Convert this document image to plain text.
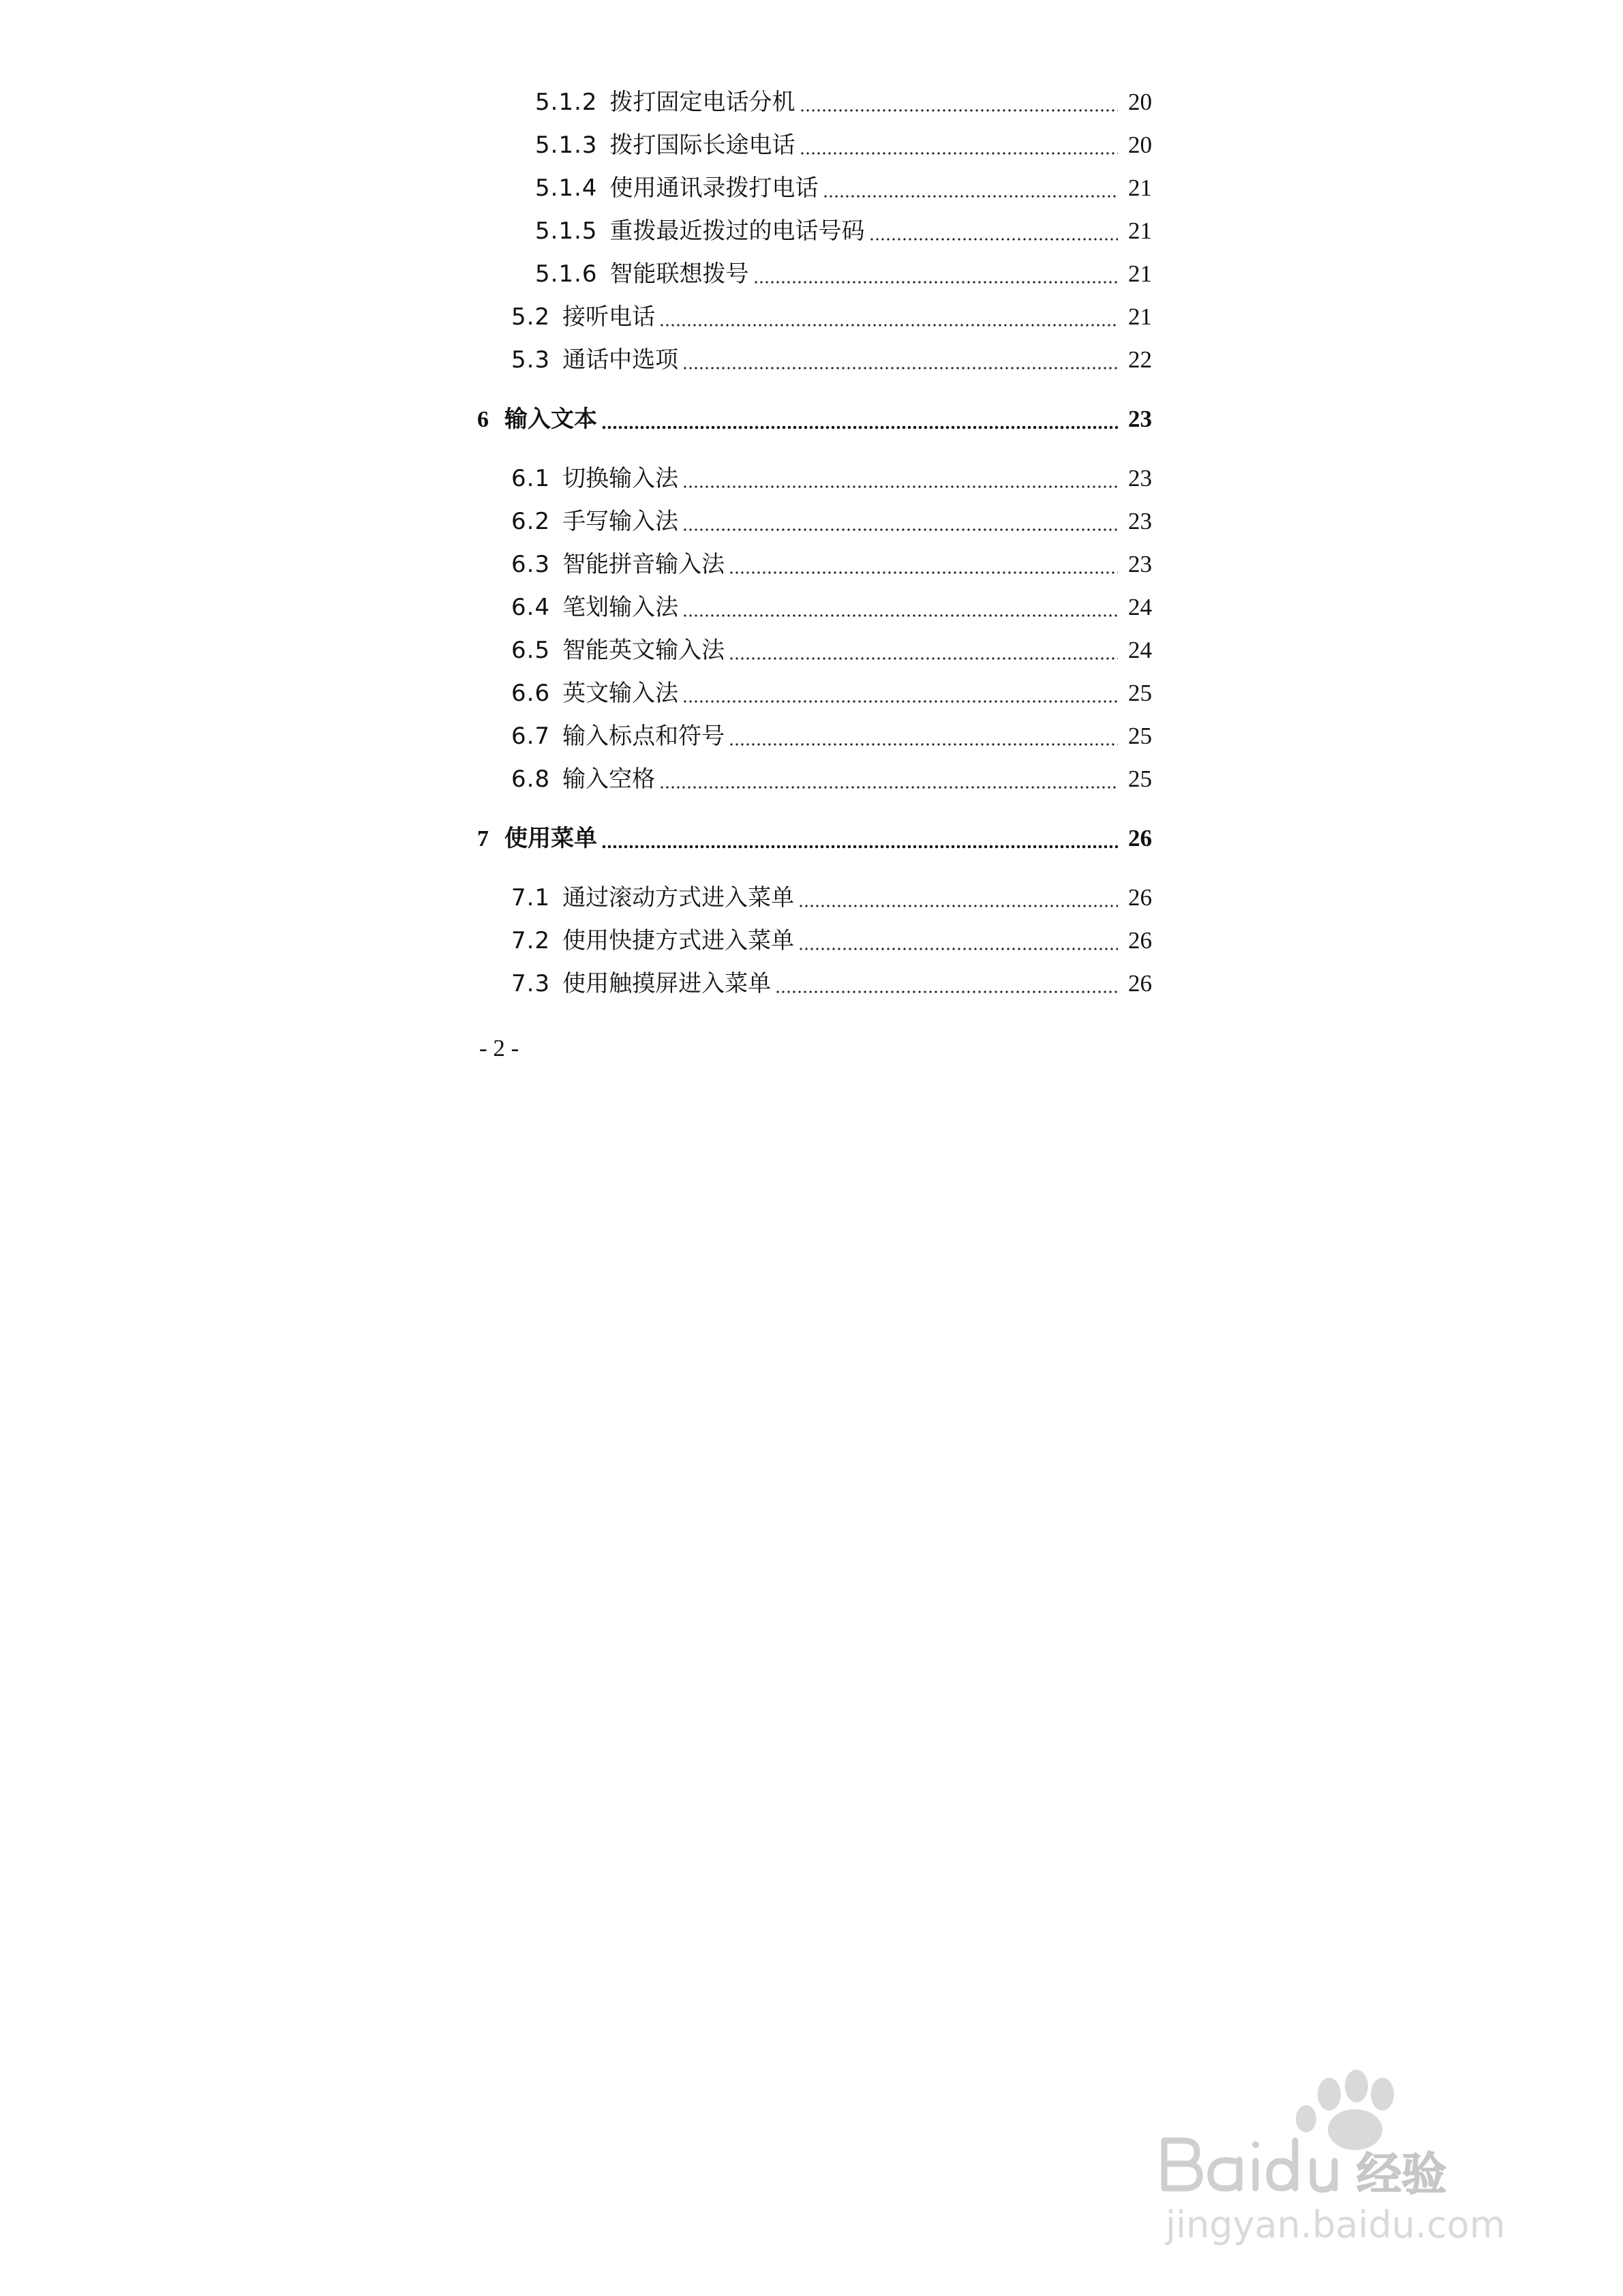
5.1.2 拨打固定电话分机	20
5.1.3 拨打国际长途电话	20
5.1.4 使用通讯录拨打电话	21
5.1.5 重拨最近拨过的电话号码	21
5.1.6 智能联想拨号	21
5.2 接听电话	21
5.3 通话中选项	22
6 输入文本	23
6.1 切换输入法	23
6.2 手写输入法	23
6.3 智能拼音输入法	23
6.4 笔划输入法	24
6.5 智能英文输入法	24
6.6 英文输入法	25
6.7 输入标点和符号	25
6.8 输入空格	25
7 使用菜单	26
7.1 通过滚动方式进入菜单	26
7.2 使用快捷方式进入菜单	26
7.3 使用触摸屏进入菜单	26
- 2 -
经验
jingyan.baidu.com
